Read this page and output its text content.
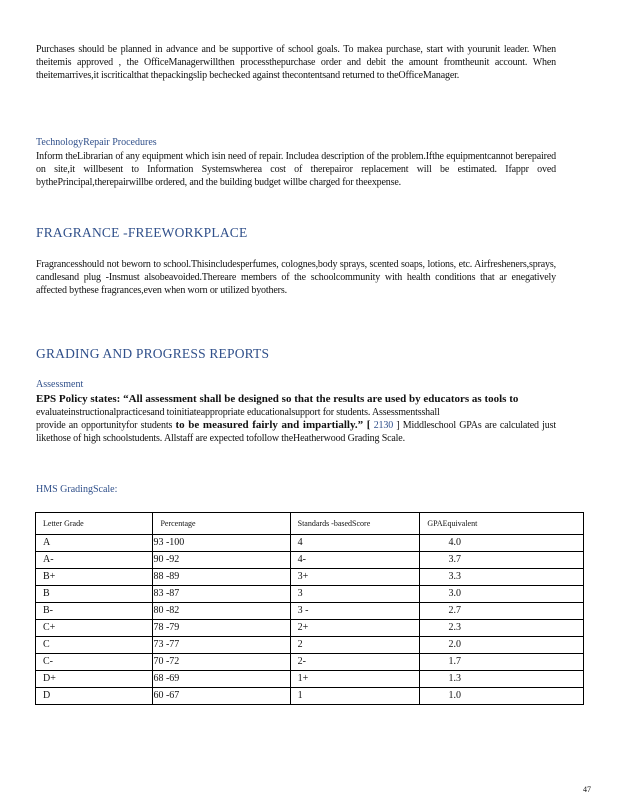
Purchases should be planned in advance and be supportive of school goals. To makea purchase, start with yourunit leader. When theitemis approved , the OfficeManagerwillthen processthepurchase order and debit the amount fromtheunit account. When theitemarrives,it iscriticalthat thepackingslip bechecked against thecontentsand returned to theOfficeManager.
TechnologyRepair Procedures
Inform theLibrarian of any equipment which isin need of repair. Includea description of the problem.Ifthe equipmentcannot berepaired on site,it willbesent to Information Systemswherea cost of therepairor replacement will be estimated. Ifappr oved bythePrincipal,therepairwillbe ordered, and the building budget willbe charged for theexpense.
FRAGRANCE -FREEWORKPLACE
Fragrancesshould not beworn to school.Thisincludesperfumes, colognes,body sprays, scented soaps, lotions, etc. Airfresheners,sprays, candlesand plug -Insmust alsobeavoided.Thereare members of the schoolcommunity with health conditions that ar enegatively affected bythese fragrances,even when worn or utilized byothers.
GRADING AND PROGRESS REPORTS
Assessment
EPS Policy states: “All assessment shall be designed so that the results are used by educators as tools to
evaluateinstructionalpracticesand toinitiateappropriate educationalsupport for students. Assessmentsshall
provide an opportunityfor students to be measured fairly and impartially.” [ 2130 ] Middleschool GPAs are calculated just likethose of high schoolstudents. Allstaff are expected tofollow theHeatherwood Grading Scale.
HMS GradingScale:
Letter Grade	Percentage	Standards -basedScore	GPAEquivalent
A	93 -100	4	4.0
A-	90 -92	4-	3.7
B+	88 -89	3+	3.3
B	83 -87	3	3.0
B-	80 -82	3 -	2.7
C+	78 -79	2+	2.3
C	73 -77	2	2.0
C-	70 -72	2-	1.7
D+	68 -69	1+	1.3
D	60 -67	1	1.0
47
